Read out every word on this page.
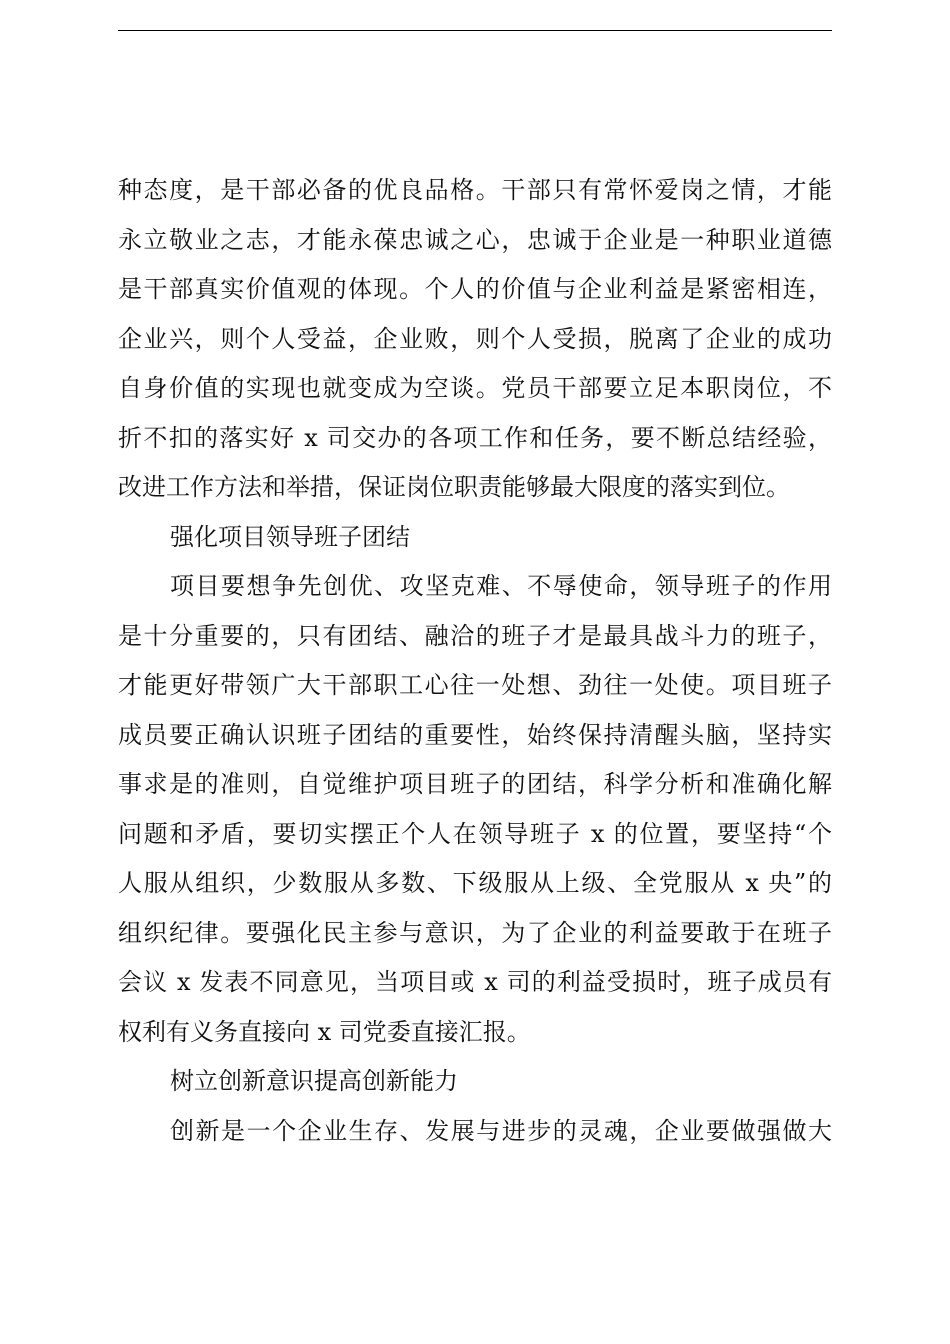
种态度，是干部必备的优良品格。干部只有常怀爱岗之情，才能
永立敬业之志，才能永葆忠诚之心，忠诚于企业是一种职业道德
是干部真实价值观的体现。个人的价值与企业利益是紧密相连，
企业兴，则个人受益，企业败，则个人受损，脱离了企业的成功
自身价值的实现也就变成为空谈。党员干部要立足本职岗位，不
折不扣的落实好 x 司交办的各项工作和任务，要不断总结经验，
改进工作方法和举措，保证岗位职责能够最大限度的落实到位。
强化项目领导班子团结
项目要想争先创优、攻坚克难、不辱使命，领导班子的作用
是十分重要的，只有团结、融洽的班子才是最具战斗力的班子，
才能更好带领广大干部职工心往一处想、劲往一处使。项目班子
成员要正确认识班子团结的重要性，始终保持清醒头脑，坚持实
事求是的准则，自觉维护项目班子的团结，科学分析和准确化解
问题和矛盾，要切实摆正个人在领导班子 x 的位置，要坚持“个
人服从组织，少数服从多数、下级服从上级、全党服从 x 央”的
组织纪律。要强化民主参与意识，为了企业的利益要敢于在班子
会议 x 发表不同意见，当项目或 x 司的利益受损时，班子成员有
权利有义务直接向 x 司党委直接汇报。
树立创新意识提高创新能力
创新是一个企业生存、发展与进步的灵魂，企业要做强做大
